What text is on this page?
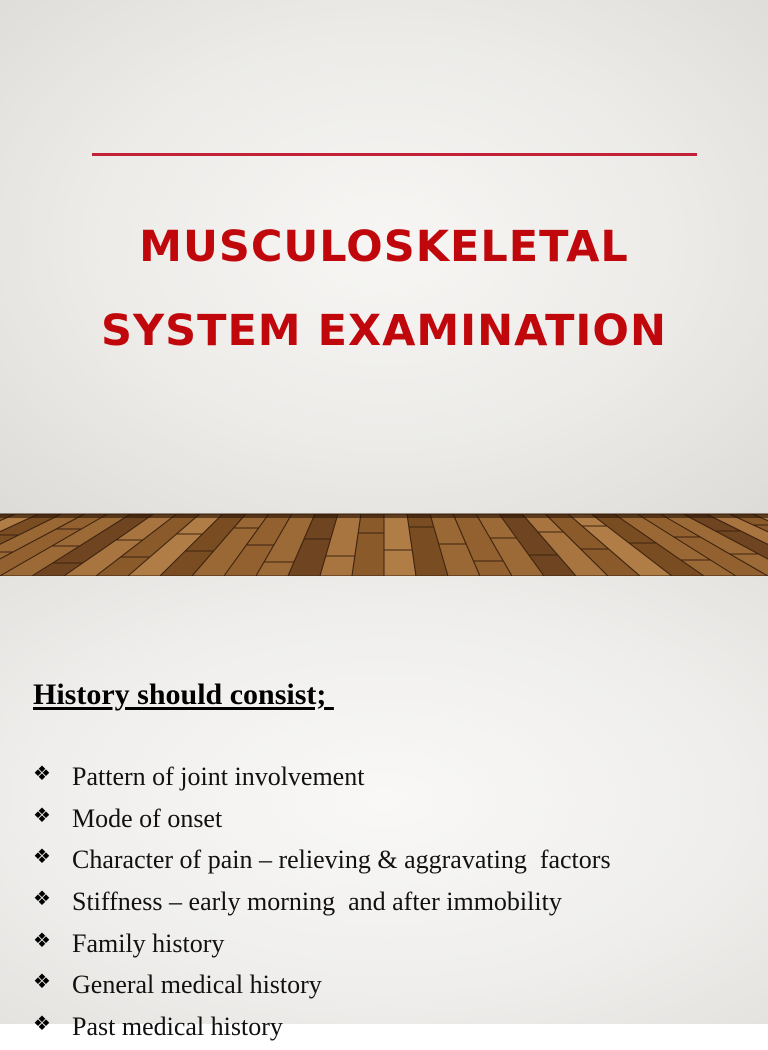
MUSCULOSKELETAL
SYSTEM EXAMINATION
History should consist;
❖ Pattern of joint involvement
❖ Mode of onset
❖ Character of pain – relieving & aggravating  factors
❖ Stiffness – early morning  and after immobility
❖ Family history
❖ General medical history
❖ Past medical history
